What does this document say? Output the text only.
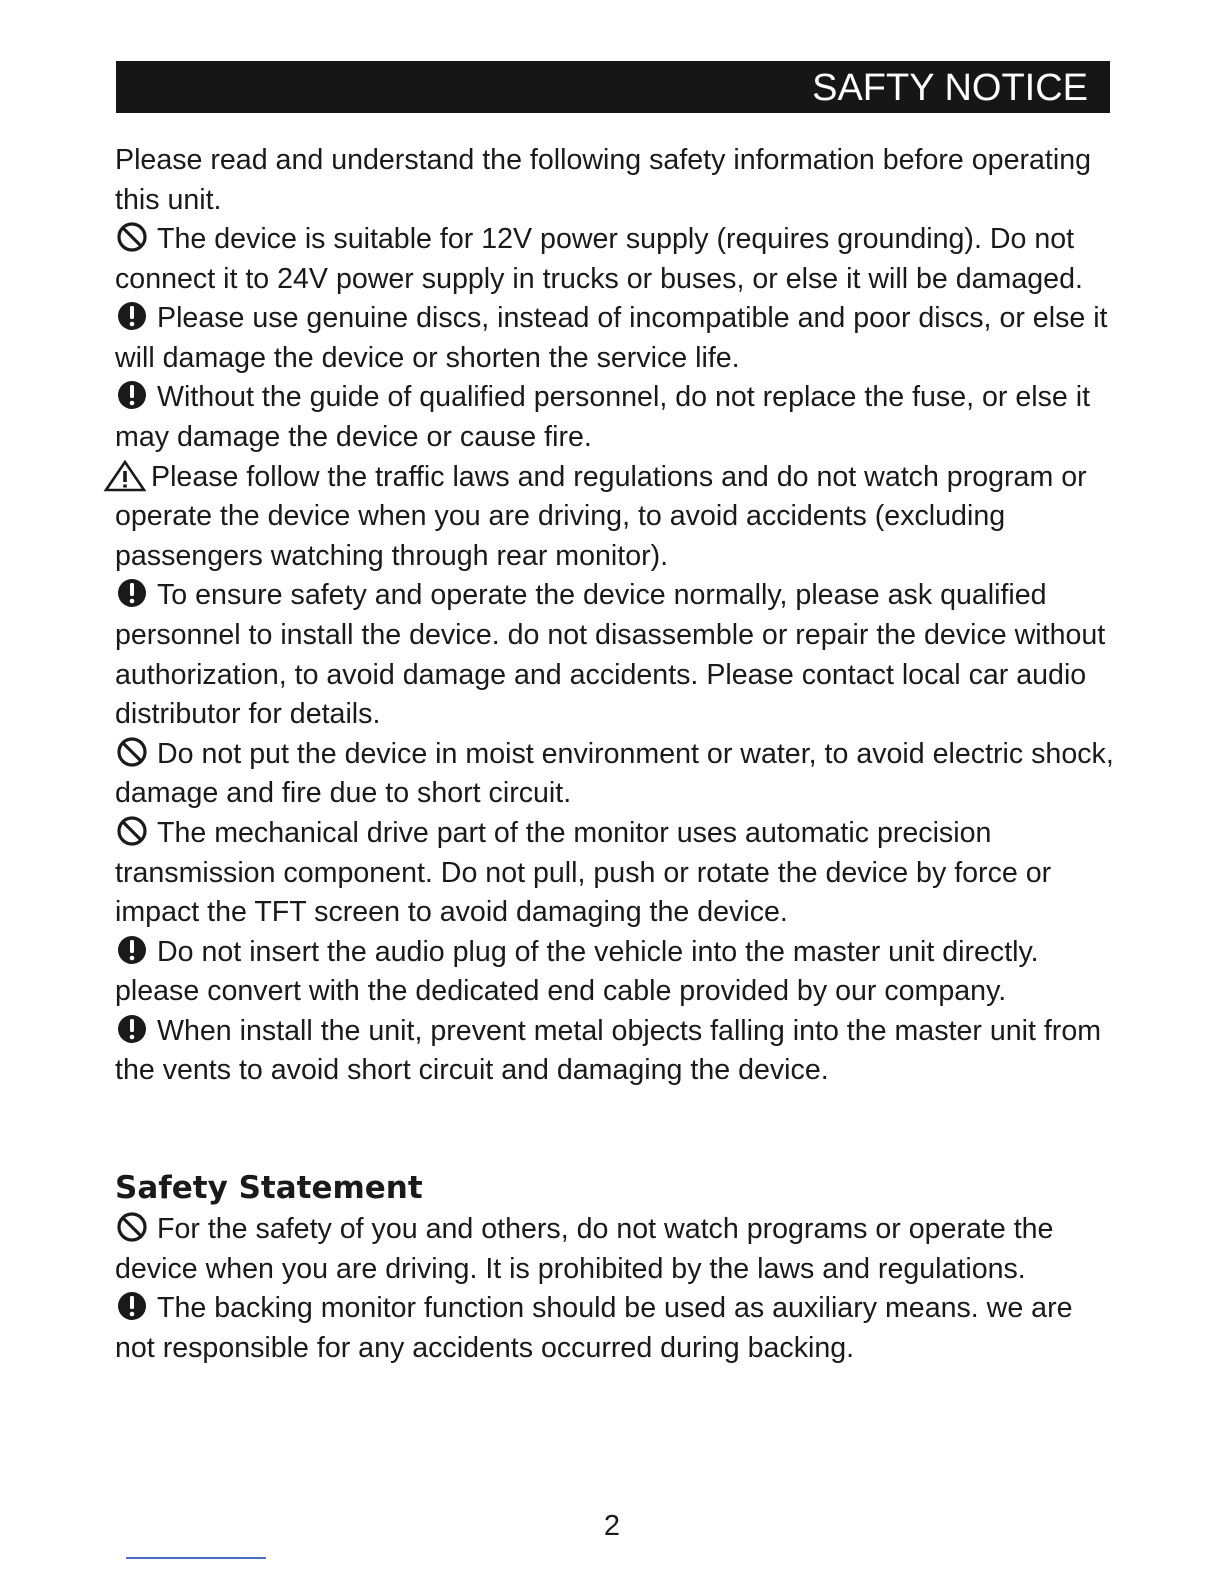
SAFTY NOTICE

Please read and understand the following safety information before operating this unit.

The device is suitable for 12V power supply (requires grounding). Do not connect it to 24V power supply in trucks or buses, or else it will be damaged.

Please use genuine discs, instead of incompatible and poor discs, or else it will damage the device or shorten the service life.

Without the guide of qualified personnel, do not replace the fuse, or else it may damage the device or cause fire.

Please follow the traffic laws and regulations and do not watch program or operate the device when you are driving, to avoid accidents (excluding passengers watching through rear monitor).

To ensure safety and operate the device normally, please ask qualified personnel to install the device. do not disassemble or repair the device without authorization, to avoid damage and accidents. Please contact local car audio distributor for details.

Do not put the device in moist environment or water, to avoid electric shock, damage and fire due to short circuit.

The mechanical drive part of the monitor uses automatic precision transmission component. Do not pull, push or rotate the device by force or impact the TFT screen to avoid damaging the device.

Do not insert the audio plug of the vehicle into the master unit directly. please convert with the dedicated end cable provided by our company.

When install the unit, prevent metal objects falling into the master unit from the vents to avoid short circuit and damaging the device.

Safety Statement

For the safety of you and others, do not watch programs or operate the device when you are driving. It is prohibited by the laws and regulations.

The backing monitor function should be used as auxiliary means. we are not responsible for any accidents occurred during backing.

2
